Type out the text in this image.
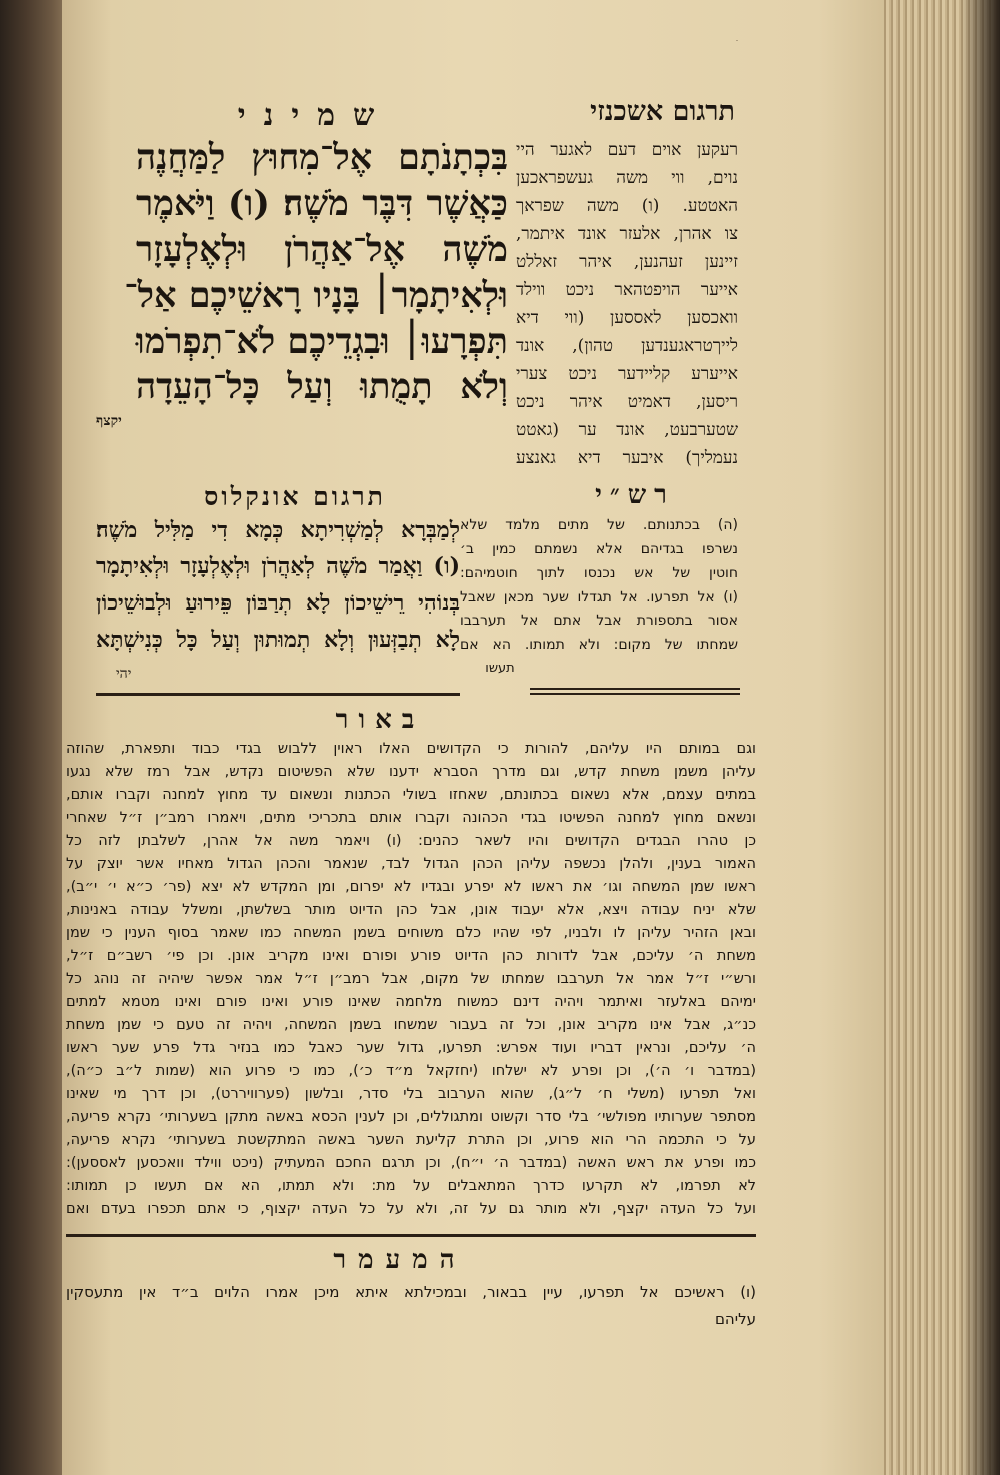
תרגום אשכנזי
שמיני
בִּכְתָנֹתָם אֶל־מִחוּץ לַמַּחֲנֶה
כַּאֲשֶׁר דִּבֶּר מֹשֶׁה׃ (ו) וַיֹּאמֶר
מֹשֶׁה אֶל־אַהֲרֹן וּלְאֶלְעָזָר
וּלְאִיתָמָר׀ בָּנָיו רָאשֵׁיכֶם אַל־
תִּפְרָעוּ׀ וּבִגְדֵיכֶם לֹא־תִפְרֹמוּ
וְלֹא תָמֻתוּ וְעַל כָּל־הָעֵדָה
יקצף
רעקען אוים דעם לאגער היי
נוים, ווי משה געשפראכען
האטטע. (ו) משה שפראך
צו אהרן, אלעזר אונד איתמר,
זיינען זעהנען, איהר זאללט
אייער הויפטהאר ניכט ווילד
וואכסען לאססען (ווי דיא
לייךטראגענדען טהון), אונד
אייערע קליידער ניכט צערי
ריסען, דאמיט איהר ניכט
שטערבעט, אונד ער (גאטט
נעמליך) איבער דיא גאנצע
רש״י
(ה) בכתנותם. של מתים מלמד שלא
נשרפו בגדיהם אלא נשמתם כמין ב׳
חוטין של אש נכנסו לתוך חוטמיהם:
(ו) אל תפרעו. אל תגדלו שער מכאן שאבל
אסור בתספורת אבל אתם אל תערבבו
שמחתו של מקום: ולא תמותו. הא אם
תעשו
תרגום אונקלוס
לְמַבְּרָא לְמַשְׁרִיתָא כְּמָא דִי מַלִּיל מֹשֶׁה׃
(ו) וַאֲמַר מֹשֶׁה לְאַהֲרֹן וּלְאֶלְעָזָר וּלְאִיתָמָר
בְּנוֹהִי רֵישֵׁיכוֹן לָא תְרַבּוֹן פֵּירוּעַ וּלְבוּשֵׁיכוֹן
לָא תְבַזְּעוּן וְלָא תְמוּתוּן וְעַל כָּל כְּנִישְׁתָּא
יהי
באור
וגם במותם היו עליהם, להורות כי הקדושים האלו ראוין ללבוש בגדי כבוד ותפארת, שהוזה
עליהן משמן משחת קדש, וגם מדרך הסברא ידענו שלא הפשיטום נקדש, אבל רמז שלא נגעו
במתים עצמם, אלא נשאום בכתונתם, שאחזו בשולי הכתנות ונשאום עד מחוץ למחנה וקברו אותם,
ונשאם מחוץ למחנה הפשיטו בגדי הכהונה וקברו אותם בתכריכי מתים, ויאמרו רמב״ן ז״ל שאחרי
כן טהרו הבגדים הקדושים והיו לשאר כהנים: (ו) ויאמר משה אל אהרן, לשלבתן לזה כל
האמור בענין, ולהלן נכשפה עליהן הכהן הגדול לבד, שנאמר והכהן הגדול מאחיו אשר יוצק על
ראשו שמן המשחה וגו׳ את ראשו לא יפרע ובגדיו לא יפרום, ומן המקדש לא יצא (פר׳ כ״א י׳ י״ב),
שלא יניח עבודה ויצא, אלא יעבוד אונן, אבל כהן הדיוט מותר בשלשתן, ומשלל עבודה באנינות,
ובאן הזהיר עליהן לו ולבניו, לפי שהיו כלם משוחים בשמן המשחה כמו שאמר בסוף הענין כי שמן
משחת ה׳ עליכם, אבל לדורות כהן הדיוט פורע ופורם ואינו מקריב אונן. וכן פי׳ רשב״ם ז״ל,
ורש״י ז״ל אמר אל תערבבו שמחתו של מקום, אבל רמב״ן ז״ל אמר אפשר שיהיה זה נוהג כל
ימיהם באלעזר ואיתמר ויהיה דינם כמשוח מלחמה שאינו פורע ואינו פורם ואינו מטמא למתים
כנ״ג, אבל אינו מקריב אונן, וכל זה בעבור שמשחו בשמן המשחה, ויהיה זה טעם כי שמן משחת
ה׳ עליכם, ונראין דבריו ועוד אפרש: תפרעו, גדול שער כאבל כמו בנזיר גדל פרע שער ראשו
(במדבר ו׳ ה׳), וכן ופרע לא ישלחו (יחזקאל מ״ד כ׳), כמו כי פרוע הוא (שמות ל״ב כ״ה),
ואל תפרעו (משלי ח׳ ל״ג), שהוא הערבוב בלי סדר, ובלשון (פערוויררט), וכן דרך מי שאינו
מסתפר שערותיו מפולשי׳ בלי סדר וקשוט ומתגוללים, וכן לענין הכסא באשה מתקן בשערותי׳ נקרא פריעה,
על כי התכמה הרי הוא פרוע, וכן התרת קליעת השער באשה המתקשטת בשערותי׳ נקרא פריעה,
כמו ופרע את ראש האשה (במדבר ה׳ י״ח), וכן תרגם החכם המעתיק (ניכט ווילד וואכסען לאססען):
לא תפרמו, לא תקרעו כדרך המתאבלים על מת: ולא תמתו, הא אם תעשו כן תמותו:
ועל כל העדה יקצף, ולא מותר גם על זה, ולא על כל העדה יקצוף, כי אתם תכפרו בעדם ואם
המעמר
(ו) ראשיכם אל תפרעו, עיין בבאור, ובמכילתא איתא מיכן אמרו הלוים ב״ד אין מתעסקין
עליהם
